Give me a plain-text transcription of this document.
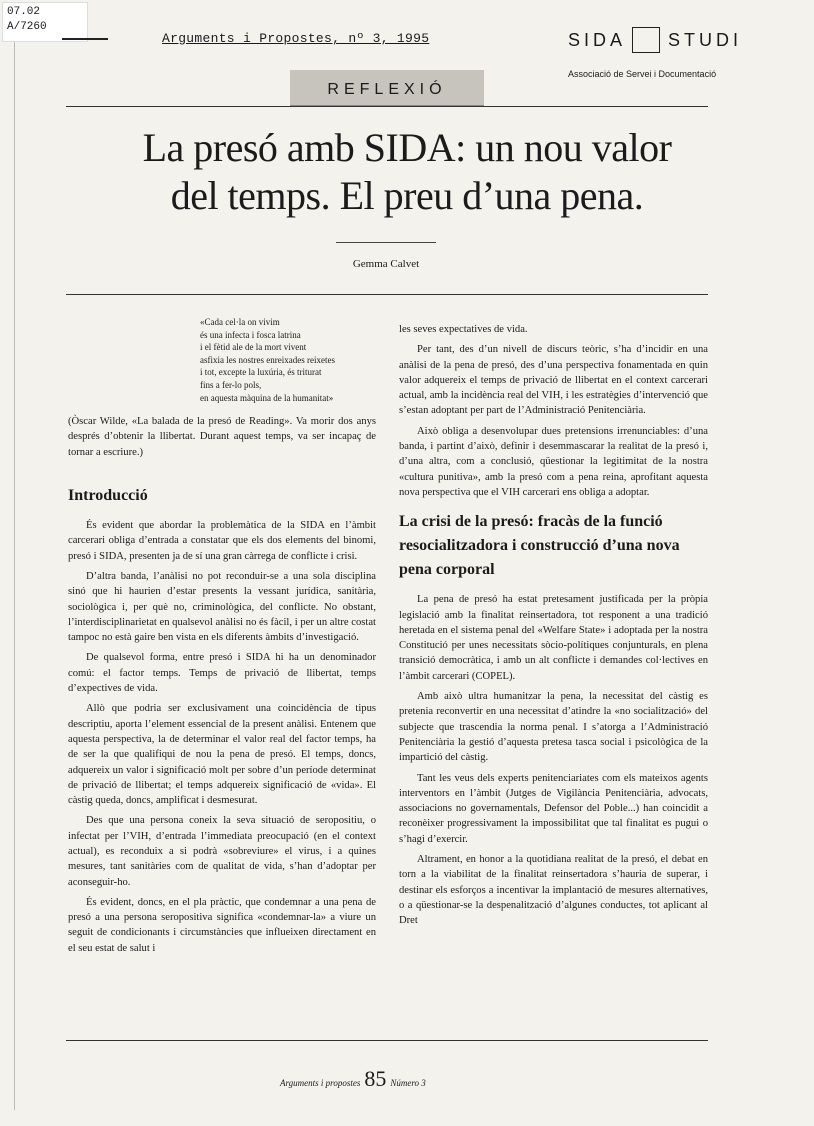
07.02
A/7260
Arguments i Propostes, nº 3, 1995	SIDA STUDI
Associació de Servei i Documentació
REFLEXIÓ
La presó amb SIDA: un nou valor
del temps. El preu d’una pena.
Gemma Calvet
«Cada cel·la on vivim
és una infecta i fosca latrina
i el fètid ale de la mort vivent
asfixia les nostres enreixades reixetes
i tot, excepte la luxúria, és triturat
fins a fer-lo pols,
en aquesta màquina de la humanitat»

(Òscar Wilde, «La balada de la presó de Reading». Va morir dos anys després d’obtenir la llibertat. Durant aquest temps, va ser incapaç de tornar a escriure.)

Introducció

És evident que abordar la problemàtica de la SIDA en l’àmbit carcerari obliga d’entrada a constatar que els dos elements del binomi, presó i SIDA, presenten ja de sí una gran càrrega de conflicte i crisi.

D’altra banda, l’anàlisi no pot reconduir-se a una sola disciplina sinó que hi haurien d’estar presents la vessant jurídica, sanitària, sociològica i, per què no, criminològica, del conflicte. No obstant, l’interdisciplinarietat en qualsevol anàlisi no és fàcil, i per un altre costat tampoc no està gaire ben vista en els diferents àmbits d’investigació.

De qualsevol forma, entre presó i SIDA hi ha un denominador comú: el factor temps. Temps de privació de llibertat, temps d’expectives de vida.

Allò que podria ser exclusivament una coincidència de tipus descriptiu, aporta l’element essencial de la present anàlisi. Entenem que aquesta perspectiva, la de determinar el valor real del factor temps, ha de ser la que qualifiqui de nou la pena de presó. El temps, doncs, adquereix un valor i significació molt per sobre d’un període determinat de privació de llibertat; el temps adquereix significació de «vida». El càstig queda, doncs, amplificat i desmesurat.

Des que una persona coneix la seva situació de seropositiu, o infectat per l’VIH, d’entrada l’immediata preocupació (en el context actual), es reconduix a si podrà «sobreviure» el virus, i a quines mesures, tant sanitàries com de qualitat de vida, s’han d’adoptar per aconseguir-ho.

És evident, doncs, en el pla pràctic, que condemnar a una pena de presó a una persona seropositiva significa «condemnar-la» a viure un seguit de condicionants i circumstàncies que influeixen directament en el seu estat de salut i

les seves expectatives de vida.

Per tant, des d’un nivell de discurs teòric, s’ha d’incidir en una anàlisi de la pena de presó, des d’una perspectiva fonamentada en quin valor adquereix el temps de privació de llibertat en el context carcerari actual, amb la incidència real del VIH, i les estratègies d’intervenció que s’estan adoptant per part de l’Administració Penitenciària.

Això obliga a desenvolupar dues pretensions irrenunciables: d’una banda, i partint d’això, definir i desemmascarar la realitat de la presó i, d’una altra, com a conclusió, qüestionar la legitimitat de la nostra «cultura punitiva», amb la presó com a pena reina, aprofitant aquesta nova perspectiva que el VIH carcerari ens obliga a adoptar.

La crisi de la presó: fracàs de la funció resocialitzadora i construcció d’una nova pena corporal

La pena de presó ha estat pretesament justificada per la pròpia legislació amb la finalitat reinsertadora, tot responent a una tradició heretada en el sistema penal del «Welfare State» i adoptada per la nostra Constitució per unes necessitats sòcio-polítiques conjunturals, en plena transició democràtica, i amb un alt conflicte i demandes col·lectives en l’àmbit carcerari (COPEL).

Amb això ultra humanitzar la pena, la necessitat del càstig es pretenia reconvertir en una necessitat d’atindre la «no socialització» del subjecte que trascendia la norma penal. I s’atorga a l’Administració Penitenciària la gestió d’aquesta pretesa tasca social i psicològica de la impartició del càstig.

Tant les veus dels experts penitenciariates com els mateixos agents interventors en l’àmbit (Jutges de Vigilància Penitenciària, advocats, associacions no governamentals, Defensor del Poble...) han coincidit a reconèixer progressivament la impossibilitat que tal finalitat es pugui o s’hagi d’exercir.

Altrament, en honor a la quotidiana realitat de la presó, el debat en torn a la viabilitat de la finalitat reinsertadora s’hauria de superar, i destinar els esforços a incentivar la implantació de mesures alternatives, o a qüestionar-se la despenalització d’algunes conductes, tot aplicant al Dret

Arguments i propostes 85 Número 3
